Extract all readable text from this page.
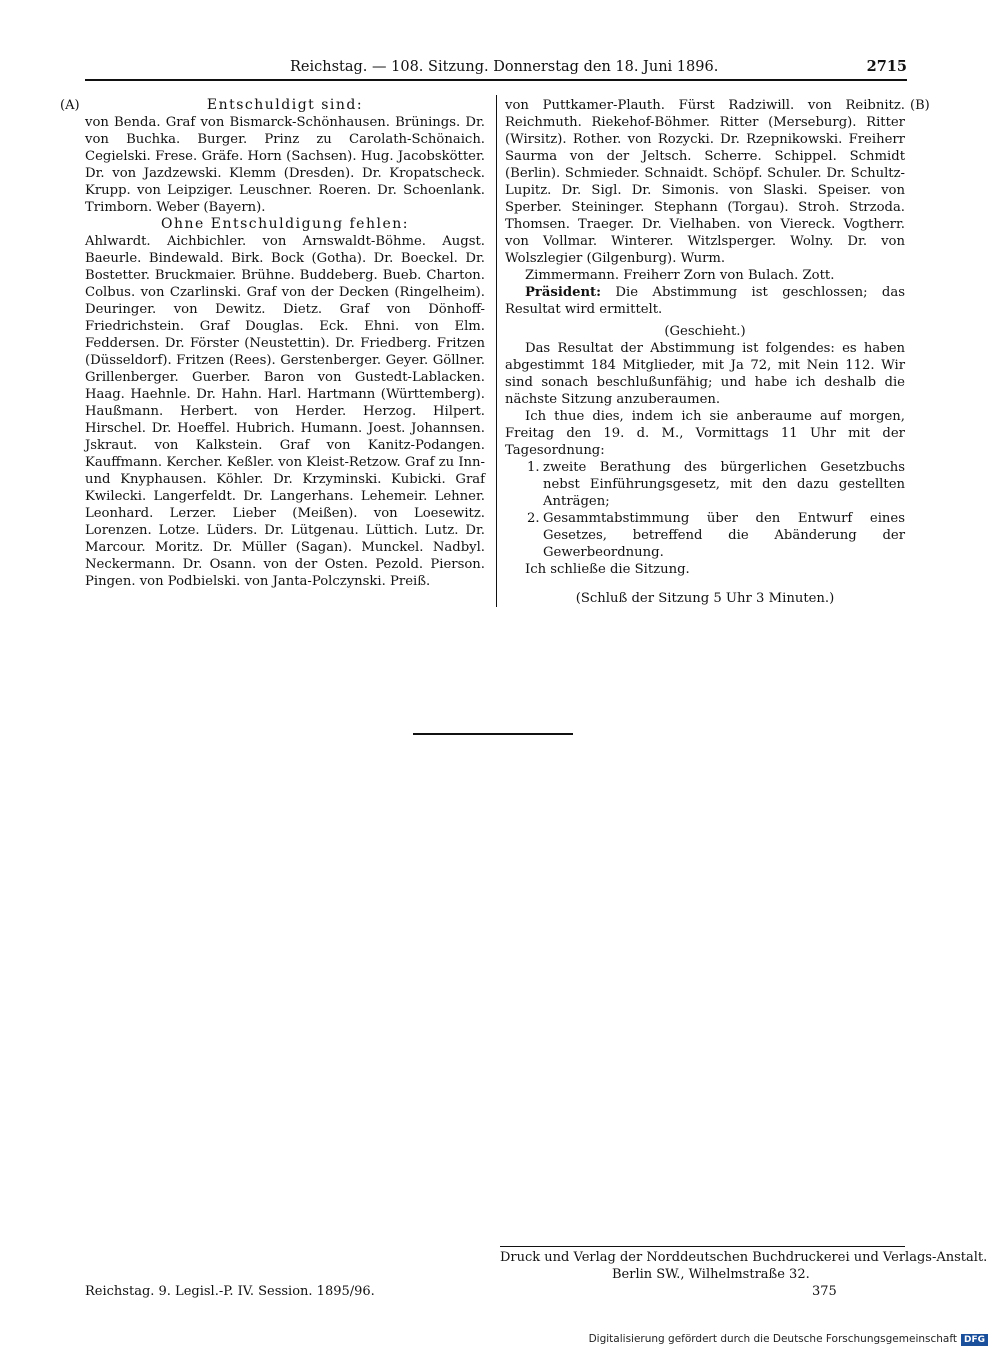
Reichstag. — 108. Sitzung. Donnerstag den 18. Juni 1896.	2715
(A)	(B)

Entschuldigt sind:

von Benda. Graf von Bismarck-Schönhausen. Brünings. Dr. von Buchka. Burger. Prinz zu Carolath-Schönaich. Cegielski. Frese. Gräfe. Horn (Sachsen). Hug. Jacobskötter. Dr. von Jazdzewski. Klemm (Dresden). Dr. Kropatscheck. Krupp. von Leipziger. Leuschner. Roeren. Dr. Schoenlank. Trimborn. Weber (Bayern).

Ohne Entschuldigung fehlen:

Ahlwardt. Aichbichler. von Arnswaldt-Böhme. Augst. Baeurle. Bindewald. Birk. Bock (Gotha). Dr. Boeckel. Dr. Bostetter. Bruckmaier. Brühne. Buddeberg. Bueb. Charton. Colbus. von Czarlinski. Graf von der Decken (Ringelheim). Deuringer. von Dewitz. Dietz. Graf von Dönhoff-Friedrichstein. Graf Douglas. Eck. Ehni. von Elm. Feddersen. Dr. Förster (Neustettin). Dr. Friedberg. Fritzen (Düsseldorf). Fritzen (Rees). Gerstenberger. Geyer. Göllner. Grillenberger. Guerber. Baron von Gustedt-Lablacken. Haag. Haehnle. Dr. Hahn. Harl. Hartmann (Württemberg). Haußmann. Herbert. von Herder. Herzog. Hilpert. Hirschel. Dr. Hoeffel. Hubrich. Humann. Joest. Johannsen. Jskraut. von Kalkstein. Graf von Kanitz-Podangen. Kauffmann. Kercher. Keßler. von Kleist-Retzow. Graf zu Inn- und Knyphausen. Köhler. Dr. Krzyminski. Kubicki. Graf Kwilecki. Langerfeldt. Dr. Langerhans. Lehemeir. Lehner. Leonhard. Lerzer. Lieber (Meißen). von Loesewitz. Lorenzen. Lotze. Lüders. Dr. Lütgenau. Lüttich. Lutz. Dr. Marcour. Moritz. Dr. Müller (Sagan). Munckel. Nadbyl. Neckermann. Dr. Osann. von der Osten. Pezold. Pierson. Pingen. von Podbielski. von Janta-Polczynski. Preiß.

von Puttkamer-Plauth. Fürst Radziwill. von Reibnitz. Reichmuth. Riekehof-Böhmer. Ritter (Merseburg). Ritter (Wirsitz). Rother. von Rozycki. Dr. Rzepnikowski. Freiherr Saurma von der Jeltsch. Scherre. Schippel. Schmidt (Berlin). Schmieder. Schnaidt. Schöpf. Schuler. Dr. Schultz-Lupitz. Dr. Sigl. Dr. Simonis. von Slaski. Speiser. von Sperber. Steininger. Stephann (Torgau). Stroh. Strzoda. Thomsen. Traeger. Dr. Vielhaben. von Viereck. Vogtherr. von Vollmar. Winterer. Witzlsperger. Wolny. Dr. von Wolszlegier (Gilgenburg). Wurm.

Zimmermann. Freiherr Zorn von Bulach. Zott.

Präsident: Die Abstimmung ist geschlossen; das Resultat wird ermittelt.

(Geschieht.)

Das Resultat der Abstimmung ist folgendes: es haben abgestimmt 184 Mitglieder, mit Ja 72, mit Nein 112. Wir sind sonach beschlußunfähig; und habe ich deshalb die nächste Sitzung anzuberaumen.

Ich thue dies, indem ich sie anberaume auf morgen, Freitag den 19. d. M., Vormittags 11 Uhr mit der Tagesordnung:

1. zweite Berathung des bürgerlichen Gesetzbuchs nebst Einführungsgesetz, mit den dazu gestellten Anträgen;
2. Gesammtabstimmung über den Entwurf eines Gesetzes, betreffend die Abänderung der Gewerbeordnung.

Ich schließe die Sitzung.

(Schluß der Sitzung 5 Uhr 3 Minuten.)

Druck und Verlag der Norddeutschen Buchdruckerei und Verlags-Anstalt.
Berlin SW., Wilhelmstraße 32.
Reichstag. 9. Legisl.-P. IV. Session. 1895/96.	375
Digitalisierung gefördert durch die Deutsche Forschungsgemeinschaft DFG
